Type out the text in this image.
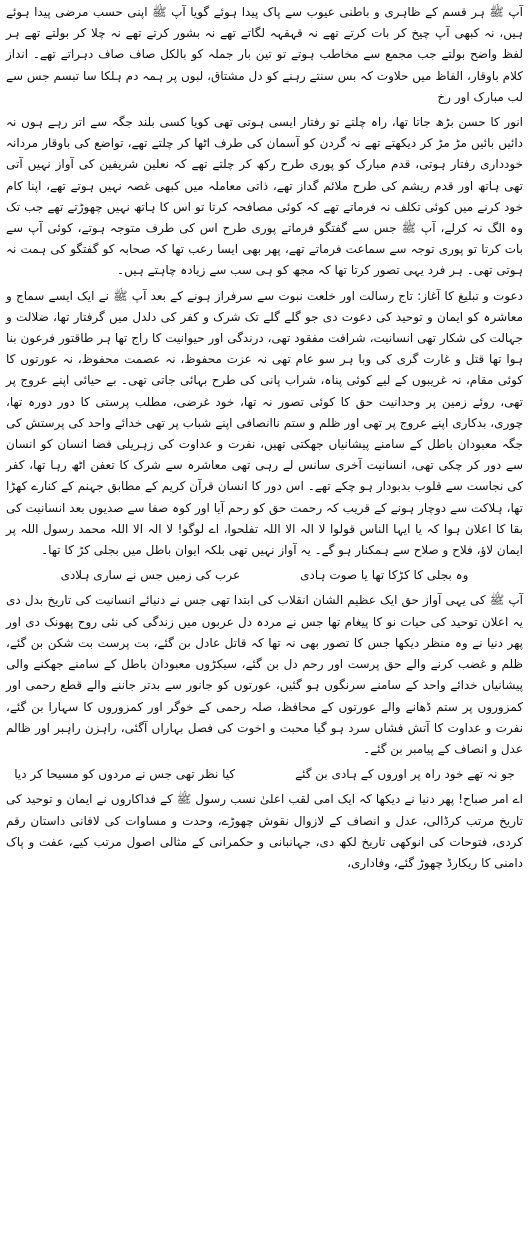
آپ ﷺ ہر قسم کے ظاہری و باطنی عیوب سے پاک پیدا ہوئے گویا آپ ﷺ اپنی حسب مرضی پیدا ہوئے ہیں، نہ کبھی آپ چیخ کر بات کرتے تھے نہ قہقہہ لگاتے تھے نہ بشور کرتے تھے نہ چلا کر بولتے تھے ہر لفظ واضح بولتے جب مجمع سے مخاطب ہوتے تو تین بار جملہ کو بالکل صاف صاف دہراتے تھے۔ انداز کلام باوقار، الفاظ میں حلاوت کہ بس سنتے رہنے کو دل مشتاق، لبوں پر ہمہ دم ہلکا سا تبسم جس سے لب مبارک اور رخ

انور کا حسن بڑھ جاتا تھا، راہ چلتے تو رفتار ایسی ہوتی تھی کویا کسی بلند جگہ سے اتر رہے ہوں نہ دائیں بائیں مڑ مڑ کر دیکھتے تھے نہ گردن کو آسمان کی طرف اٹھا کر چلتے تھے، تواضع کی باوقار مردانہ خودداری رفتار ہوتی، قدم مبارک کو پوری طرح رکھ کر چلتے تھے کہ نعلین شریفین کی آواز نہیں آتی تھی ہاتھ اور قدم ریشم کی طرح ملائم گداز تھے، ذاتی معاملہ میں کبھی غصہ نہیں ہوتے تھے، اپنا کام خود کرنے میں کوئی تکلف نہ فرماتے تھے کہ کوئی مصافحہ کرتا تو اس کا ہاتھ نہیں چھوڑتے تھے جب تک وہ الگ نہ کرلے، آپ ﷺ جس سے گفتگو فرماتے پوری طرح اس کی طرف متوجہ ہوتے، کوئی آپ سے بات کرتا تو پوری توجہ سے سماعت فرماتے تھے، پھر بھی ایسا رعب تھا کہ صحابہ کو گفتگو کی ہمت نہ ہوتی تھی۔ ہر فرد یہی تصور کرتا تھا کہ مجھ کو ہی سب سے زیادہ چاہتے ہیں۔

دعوت و تبلیغ کا آغاز: تاج رسالت اور خلعت نبوت سے سرفراز ہونے کے بعد آپ ﷺ نے ایک ایسے سماج و معاشرہ کو ایمان و توحید کی دعوت دی جو گلے گلے تک شرک و کفر کی دلدل میں گرفتار تھا، ضلالت و جہالت کی شکار تھی انسانیت، شرافت مفقود تھی، درندگی اور حیوانیت کا راج تھا ہر طاقتور فرعون بنا ہوا تھا قتل و غارت گری کی وبا ہر سو عام تھی نہ عزت محفوظ، نہ عصمت محفوظ، نہ عورتوں کا کوئی مقام، نہ غریبوں کے لیے کوئی پناہ، شراب پانی کی طرح بہائی جاتی تھی۔ بے حیائی اپنے عروج پر تھی، روئے زمین پر وحدانیت حق کا کوئی تصور نہ تھا، خود غرضی، مطلب پرستی کا دور دورہ تھا، چوری، بدکاری اپنے عروج پر تھی اور ظلم و ستم ناانصافی اپنے شباب پر تھی خدائے واحد کی پرستش کی جگہ معبودان باطل کے سامنے پیشانیاں جھکتی تھیں، نفرت و عداوت کی زہریلی فضا انسان کو انسان سے دور کر چکی تھی، انسانیت آخری سانس لے رہی تھی معاشرہ سے شرک کا تعفن اٹھ رہا تھا، کفر کی نجاست سے قلوب بدبودار ہو چکے تھے۔ اس دور کا انسان قرآن کریم کے مطابق جہنم کے کنارے کھڑا تھا، ہلاکت سے دوچار ہونے کے قریب کہ رحمت حق کو رحم آیا اور کوہ صفا سے صدیوں بعد انسانیت کی بقا کا اعلان ہوا کہ یا ایہا الناس قولوا لا الہ الا اللہ تفلحوا، اے لوگو! لا الہ الا اللہ محمد رسول اللہ پر ایمان لاؤ، فلاح و صلاح سے ہمکنار ہو گے۔ یہ آواز نہیں تھی بلکہ ایوان باطل میں بجلی کڑ کا تھا۔

وہ بجلی کا کڑکا تھا یا صوت ہادی
عرب کی زمیں جس نے ساری ہلادی

آپ ﷺ کی یہی آواز حق ایک عظیم الشان انقلاب کی ابتدا تھی جس نے دنیائے انسانیت کی تاریخ بدل دی یہ اعلان توحید کی حیات نو کا پیغام تھا جس نے مردہ دل عربوں میں زندگی کی نئی روح پھونک دی اور پھر دنیا نے وہ منظر دیکھا جس کا تصور بھی نہ تھا کہ قاتل عادل بن گئے، بت پرست بت شکن بن گئے، ظلم و غضب کرنے والے حق پرست اور رحم دل بن گئے، سیکڑوں معبودان باطل کے سامنے جھکنے والی پیشانیاں خدائے واحد کے سامنے سرنگوں ہو گئیں، عورتوں کو جانور سے بدتر جاننے والے قطع رحمی اور کمزوروں پر ستم ڈھانے والے عورتوں کے محافظ، صلہ رحمی کے خوگر اور کمزوروں کا سہارا بن گئے، نفرت و عداوت کا آتش فشاں سرد ہو گیا محبت و اخوت کی فصل بہاراں آگئی، راہزن راہبر اور ظالم عدل و انصاف کے پیامبر بن گئے۔

جو نہ تھے خود راہ پر اوروں کے ہادی بن گئے
کیا نظر تھی جس نے مردوں کو مسیحا کر دیا

اے امر صباح! پھر دنیا نے دیکھا کہ ایک امی لقب اعلیٰ نسب رسول ﷺ کے فداکاروں نے ایمان و توحید کی تاریخ مرتب کرڈالی، عدل و انصاف کے لازوال نقوش چھوڑے، وحدت و مساوات کی لافانی داستان رقم کردی، فتوحات کی انوکھی تاریخ لکھ دی، جہانبانی و حکمرانی کے مثالی اصول مرتب کیے، عفت و پاک دامنی کا ریکارڈ چھوڑ گئے، وفاداری،
